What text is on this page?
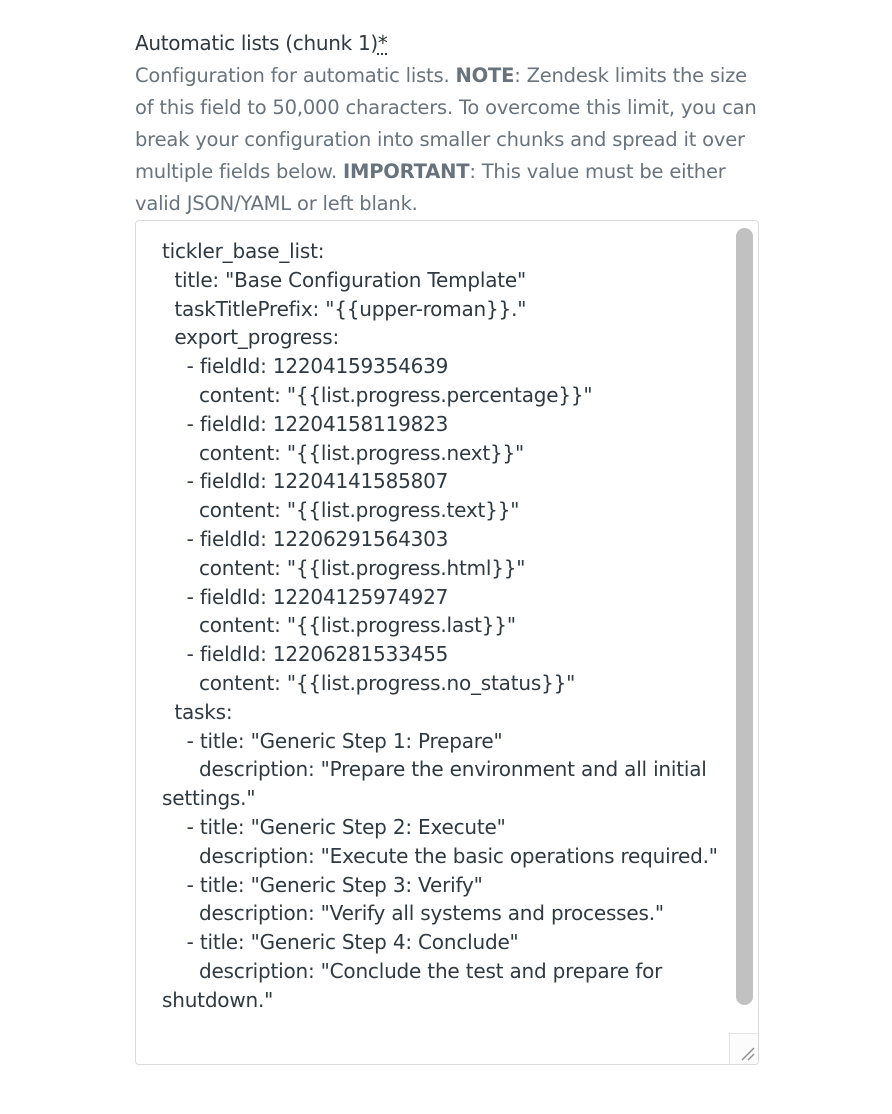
Automatic lists (chunk 1)*
Configuration for automatic lists. NOTE: Zendesk limits the size of this field to 50,000 characters. To overcome this limit, you can break your configuration into smaller chunks and spread it over multiple fields below. IMPORTANT: This value must be either valid JSON/YAML or left blank.
tickler_base_list:
title: "Base Configuration Template"
taskTitlePrefix: "{{upper-roman}}."
export_progress:
- fieldId: 12204159354639
content: "{{list.progress.percentage}}"
- fieldId: 12204158119823
content: "{{list.progress.next}}"
- fieldId: 12204141585807
content: "{{list.progress.text}}"
- fieldId: 12206291564303
content: "{{list.progress.html}}"
- fieldId: 12204125974927
content: "{{list.progress.last}}"
- fieldId: 12206281533455
content: "{{list.progress.no_status}}"
tasks:
- title: "Generic Step 1: Prepare"
description: "Prepare the environment and all initial settings."
- title: "Generic Step 2: Execute"
description: "Execute the basic operations required."
- title: "Generic Step 3: Verify"
description: "Verify all systems and processes."
- title: "Generic Step 4: Conclude"
description: "Conclude the test and prepare for shutdown."
